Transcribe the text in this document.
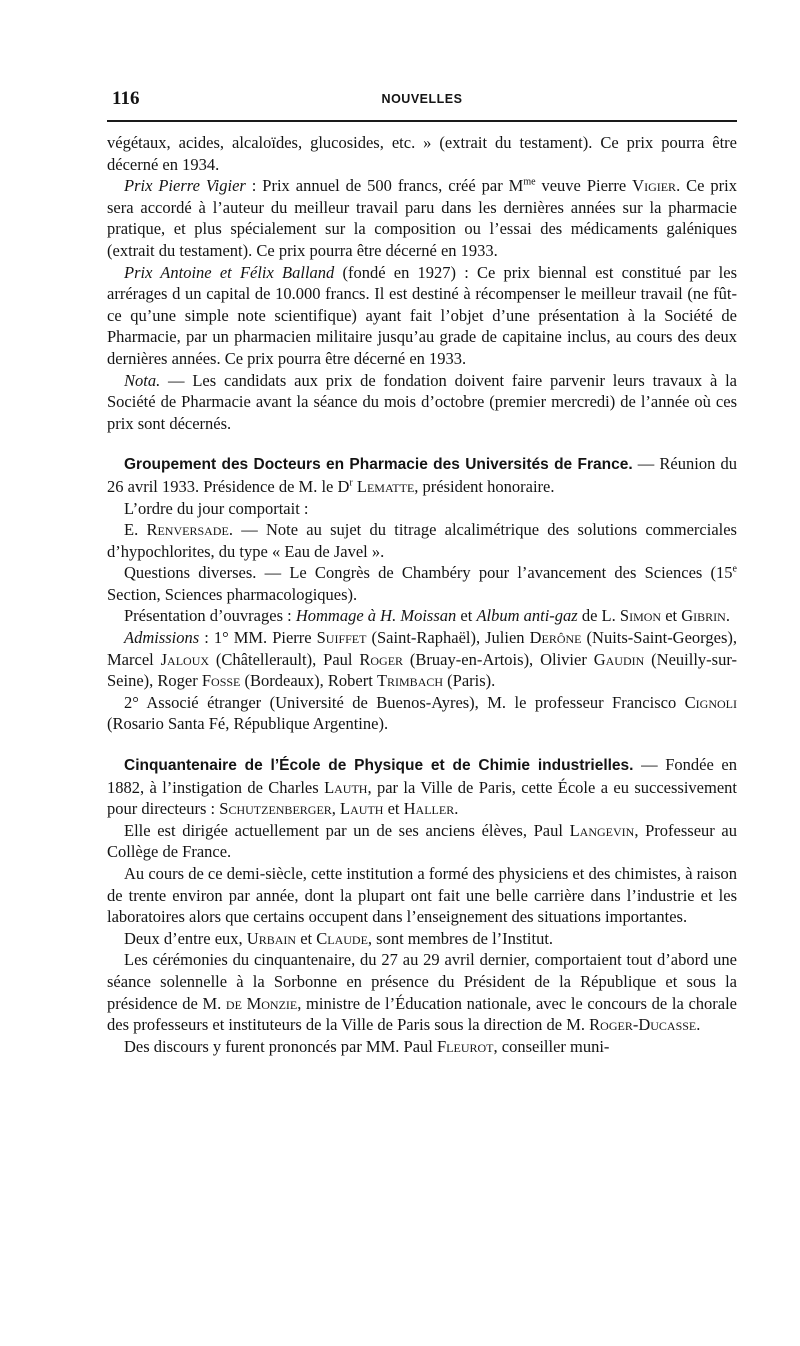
116	NOUVELLES

végétaux, acides, alcaloïdes, glucosides, etc. » (extrait du testament). Ce prix pourra être décerné en 1934.

Prix Pierre Vigier : Prix annuel de 500 francs, créé par $M^{me}$ veuve Pierre Vigier. Ce prix sera accordé à l’auteur du meilleur travail paru dans les dernières années sur la pharmacie pratique, et plus spécialement sur la composition ou l’essai des médicaments galéniques (extrait du testament). Ce prix pourra être décerné en 1933.

Prix Antoine et Félix Balland (fondé en 1927) : Ce prix biennal est constitué par les arrérages d un capital de 10.000 francs. Il est destiné à récompenser le meilleur travail (ne fût-ce qu’une simple note scientifique) ayant fait l’objet d’une présentation à la Société de Pharmacie, par un pharmacien militaire jusqu’au grade de capitaine inclus, au cours des deux dernières années. Ce prix pourra être décerné en 1933.

Nota. — Les candidats aux prix de fondation doivent faire parvenir leurs travaux à la Société de Pharmacie avant la séance du mois d’octobre (premier mercredi) de l’année où ces prix sont décernés.

Groupement des Docteurs en Pharmacie des Universités de France. — Réunion du 26 avril 1933. Présidence de M. le $D^r$ Lematte, président honoraire.

L’ordre du jour comportait :

E. Renversade. — Note au sujet du titrage alcalimétrique des solutions commerciales d’hypochlorites, du type « Eau de Javel ».

Questions diverses. — Le Congrès de Chambéry pour l’avancement des Sciences (15e Section, Sciences pharmacologiques).

Présentation d’ouvrages : Hommage à H. Moissan et Album anti-gaz de L. Simon et Gibrin.

Admissions : 1° MM. Pierre Suiffet (Saint-Raphaël), Julien Derône (Nuits-Saint-Georges), Marcel Jaloux (Châtellerault), Paul Roger (Bruay-en-Artois), Olivier Gaudin (Neuilly-sur-Seine), Roger Fosse (Bordeaux), Robert Trimbach (Paris).

2° Associé étranger (Université de Buenos-Ayres), M. le professeur Francisco Cignoli (Rosario Santa Fé, République Argentine).

Cinquantenaire de l’École de Physique et de Chimie industrielles. — Fondée en 1882, à l’instigation de Charles Lauth, par la Ville de Paris, cette École a eu successivement pour directeurs : Schutzenberger, Lauth et Haller.

Elle est dirigée actuellement par un de ses anciens élèves, Paul Langevin, Professeur au Collège de France.

Au cours de ce demi-siècle, cette institution a formé des physiciens et des chimistes, à raison de trente environ par année, dont la plupart ont fait une belle carrière dans l’industrie et les laboratoires alors que certains occupent dans l’enseignement des situations importantes.

Deux d’entre eux, Urbain et Claude, sont membres de l’Institut.

Les cérémonies du cinquantenaire, du 27 au 29 avril dernier, comportaient tout d’abord une séance solennelle à la Sorbonne en présence du Président de la République et sous la présidence de M. de Monzie, ministre de l’Éducation nationale, avec le concours de la chorale des professeurs et instituteurs de la Ville de Paris sous la direction de M. Roger-Ducasse.

Des discours y furent prononcés par MM. Paul Fleurot, conseiller muni-
